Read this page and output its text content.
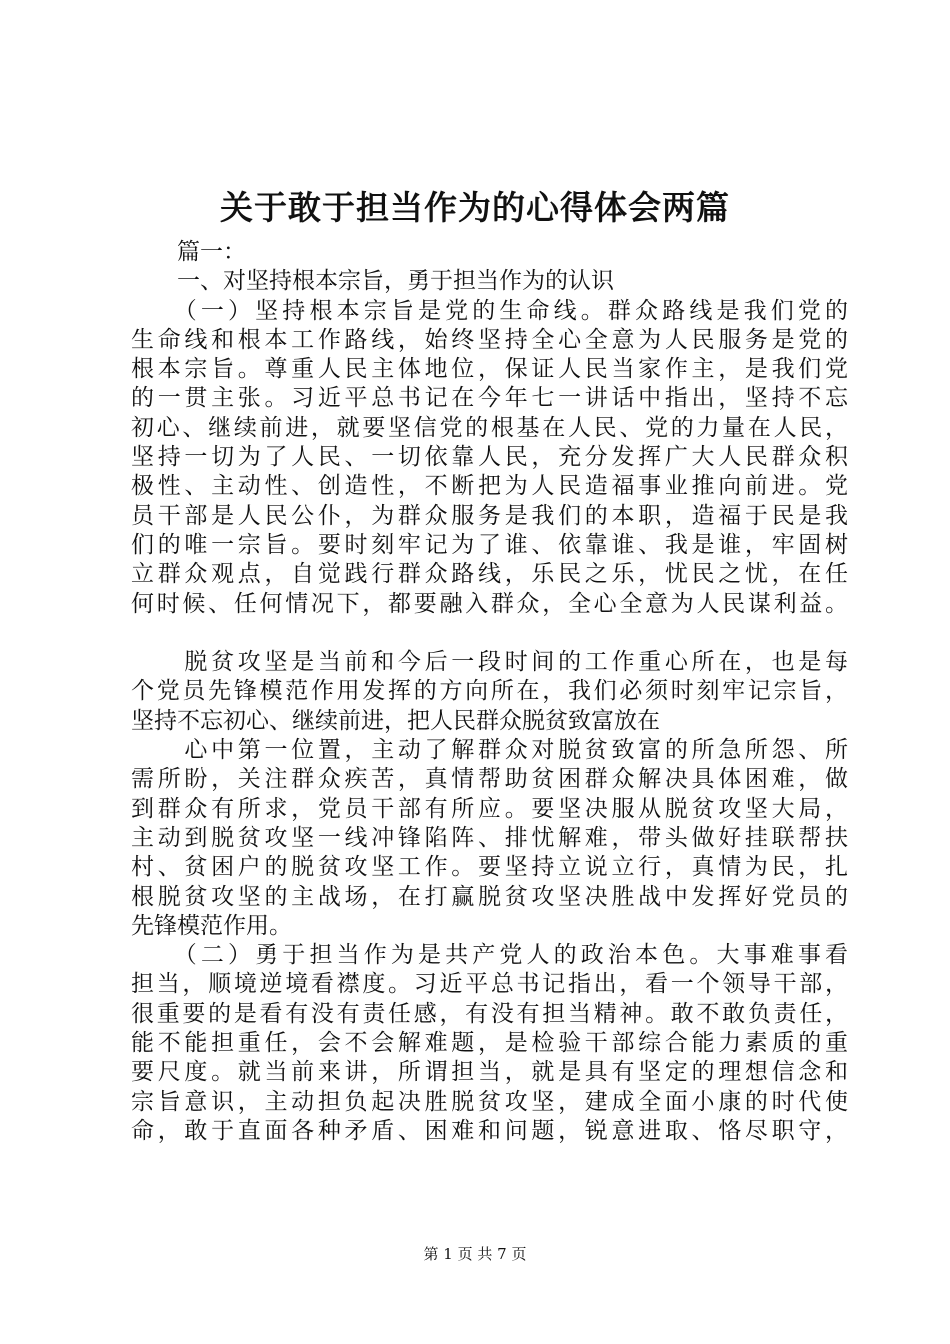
关于敢于担当作为的心得体会两篇
　　篇一：
　　一、对坚持根本宗旨，勇于担当作为的认识
　　（一）坚持根本宗旨是党的生命线。群众路线是我们党的
生命线和根本工作路线，始终坚持全心全意为人民服务是党的
根本宗旨。尊重人民主体地位，保证人民当家作主，是我们党
的一贯主张。习近平总书记在今年七一讲话中指出，坚持不忘
初心、继续前进，就要坚信党的根基在人民、党的力量在人民，
坚持一切为了人民、一切依靠人民，充分发挥广大人民群众积
极性、主动性、创造性，不断把为人民造福事业推向前进。党
员干部是人民公仆，为群众服务是我们的本职，造福于民是我
们的唯一宗旨。要时刻牢记为了谁、依靠谁、我是谁，牢固树
立群众观点，自觉践行群众路线，乐民之乐，忧民之忧，在任
何时候、任何情况下，都要融入群众，全心全意为人民谋利益。
　　脱贫攻坚是当前和今后一段时间的工作重心所在，也是每
个党员先锋模范作用发挥的方向所在，我们必须时刻牢记宗旨，
坚持不忘初心、继续前进，把人民群众脱贫致富放在
　　心中第一位置，主动了解群众对脱贫致富的所急所怨、所
需所盼，关注群众疾苦，真情帮助贫困群众解决具体困难，做
到群众有所求，党员干部有所应。要坚决服从脱贫攻坚大局，
主动到脱贫攻坚一线冲锋陷阵、排忧解难，带头做好挂联帮扶
村、贫困户的脱贫攻坚工作。要坚持立说立行，真情为民，扎
根脱贫攻坚的主战场，在打赢脱贫攻坚决胜战中发挥好党员的
先锋模范作用。
　　（二）勇于担当作为是共产党人的政治本色。大事难事看
担当，顺境逆境看襟度。习近平总书记指出，看一个领导干部，
很重要的是看有没有责任感，有没有担当精神。敢不敢负责任，
能不能担重任，会不会解难题，是检验干部综合能力素质的重
要尺度。就当前来讲，所谓担当，就是具有坚定的理想信念和
宗旨意识，主动担负起决胜脱贫攻坚，建成全面小康的时代使
命，敢于直面各种矛盾、困难和问题，锐意进取、恪尽职守，
第 1 页 共 7 页
